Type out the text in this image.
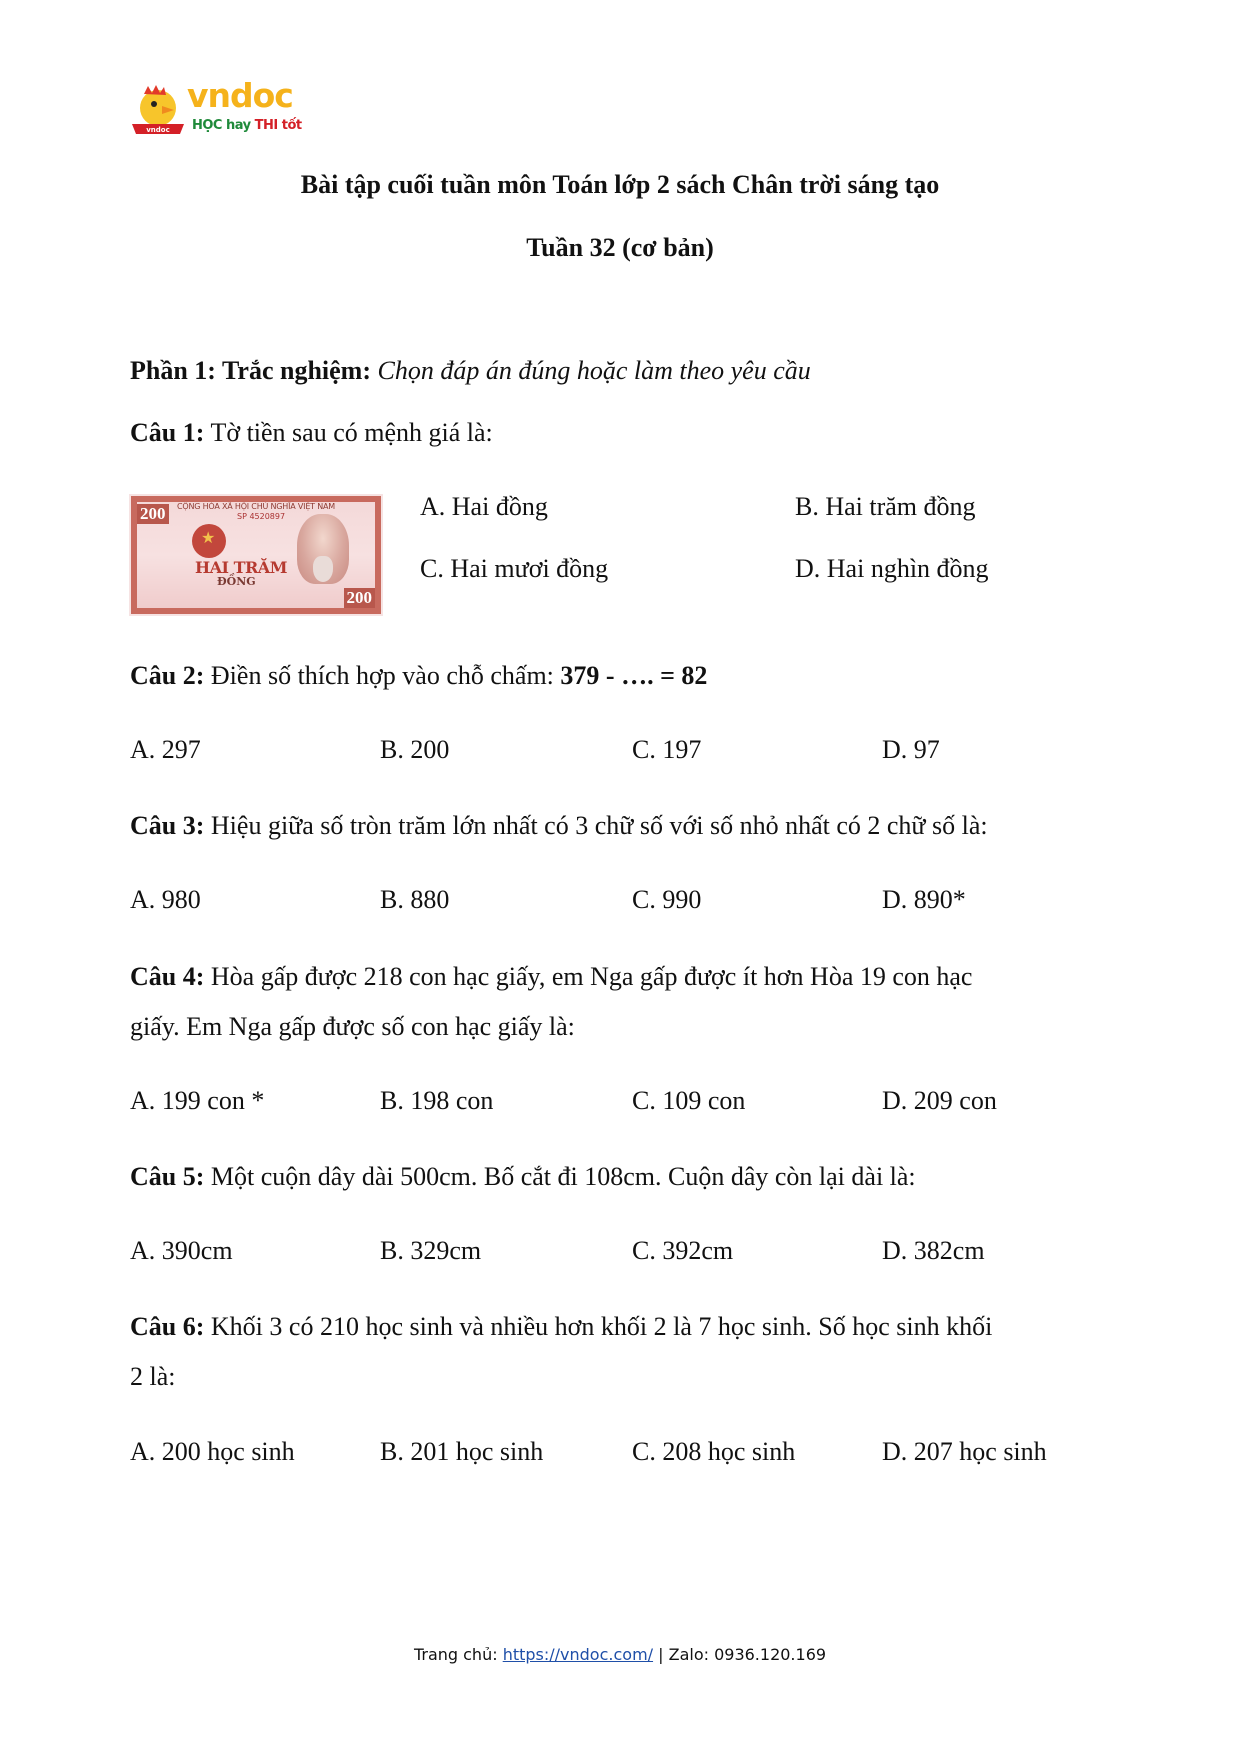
vndoc
vndoc
HỌC hay THI tốt
Bài tập cuối tuần môn Toán lớp 2 sách Chân trời sáng tạo
Tuần 32 (cơ bản)
Phần 1: Trắc nghiệm: Chọn đáp án đúng hoặc làm theo yêu cầu
Câu 1: Tờ tiền sau có mệnh giá là:
CỘNG HÒA XÃ HỘI CHỦ NGHĨA VIỆT NAM
SP 4520897
200
★
HAI TRĂM
ĐỒNG
200
A. Hai đồng	B. Hai trăm đồng
C. Hai mươi đồng	D. Hai nghìn đồng
Câu 2: Điền số thích hợp vào chỗ chấm: 379 - …. = 82
A. 297	B. 200	C. 197	D. 97
Câu 3: Hiệu giữa số tròn trăm lớn nhất có 3 chữ số với số nhỏ nhất có 2 chữ số là:
A. 980	B. 880	C. 990	D. 890*
Câu 4: Hòa gấp được 218 con hạc giấy, em Nga gấp được ít hơn Hòa 19 con hạc
giấy. Em Nga gấp được số con hạc giấy là:
A. 199 con *	B. 198 con	C. 109 con	D. 209 con
Câu 5: Một cuộn dây dài 500cm. Bố cắt đi 108cm. Cuộn dây còn lại dài là:
A. 390cm	B. 329cm	C. 392cm	D. 382cm
Câu 6: Khối 3 có 210 học sinh và nhiều hơn khối 2 là 7 học sinh. Số học sinh khối
2 là:
A. 200 học sinh	B. 201 học sinh	C. 208 học sinh	D. 207 học sinh
Trang chủ: https://vndoc.com/ | Zalo: 0936.120.169
